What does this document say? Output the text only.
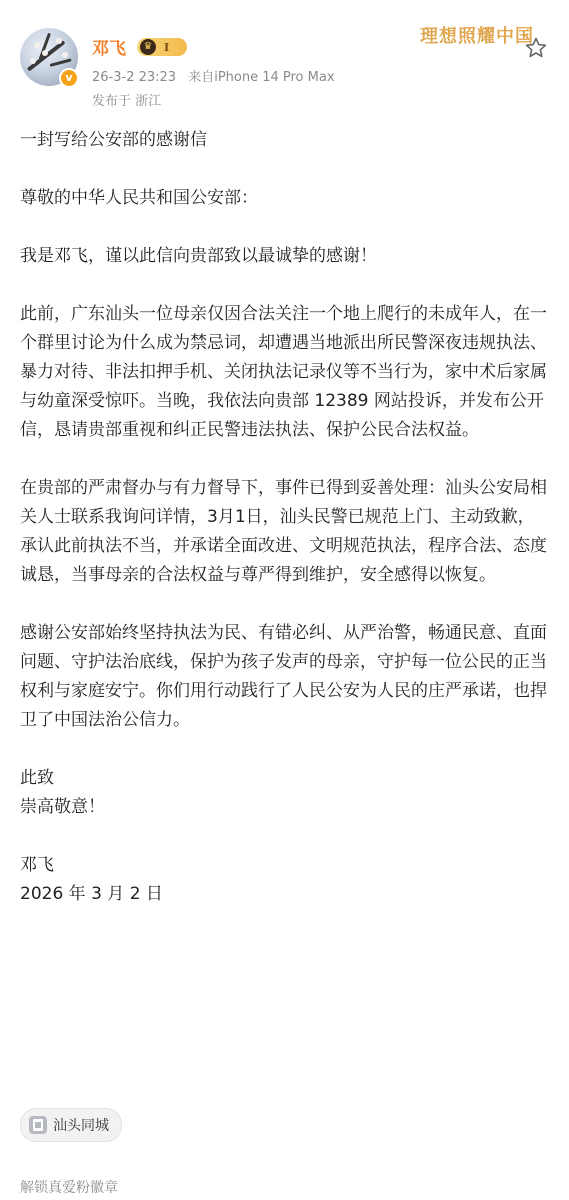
v
邓飞	♛	I
26-3-2 23:23 来自iPhone 14 Pro Max
发布于 浙江
理想照耀中国

一封写给公安部的感谢信

尊敬的中华人民共和国公安部：

我是邓飞，谨以此信向贵部致以最诚挚的感谢！

此前，广东汕头一位母亲仅因合法关注一个地上爬行的未成年人，在一个群里讨论为什么成为禁忌词，却遭遇当地派出所民警深夜违规执法、暴力对待、非法扣押手机、关闭执法记录仪等不当行为，家中术后家属与幼童深受惊吓。当晚，我依法向贵部 12389 网站投诉，并发布公开信，恳请贵部重视和纠正民警违法执法、保护公民合法权益。

在贵部的严肃督办与有力督导下，事件已得到妥善处理：汕头公安局相关人士联系我询问详情，3月1日，汕头民警已规范上门、主动致歉，承认此前执法不当，并承诺全面改进、文明规范执法，程序合法、态度诚恳，当事母亲的合法权益与尊严得到维护，安全感得以恢复。

感谢公安部始终坚持执法为民、有错必纠、从严治警，畅通民意、直面问题、守护法治底线，保护为孩子发声的母亲，守护每一位公民的正当权利与家庭安宁。你们用行动践行了人民公安为人民的庄严承诺，也捍卫了中国法治公信力。

此致

崇高敬意！

邓飞

2026 年 3 月 2 日

汕头同城
解锁真爱粉徽章
